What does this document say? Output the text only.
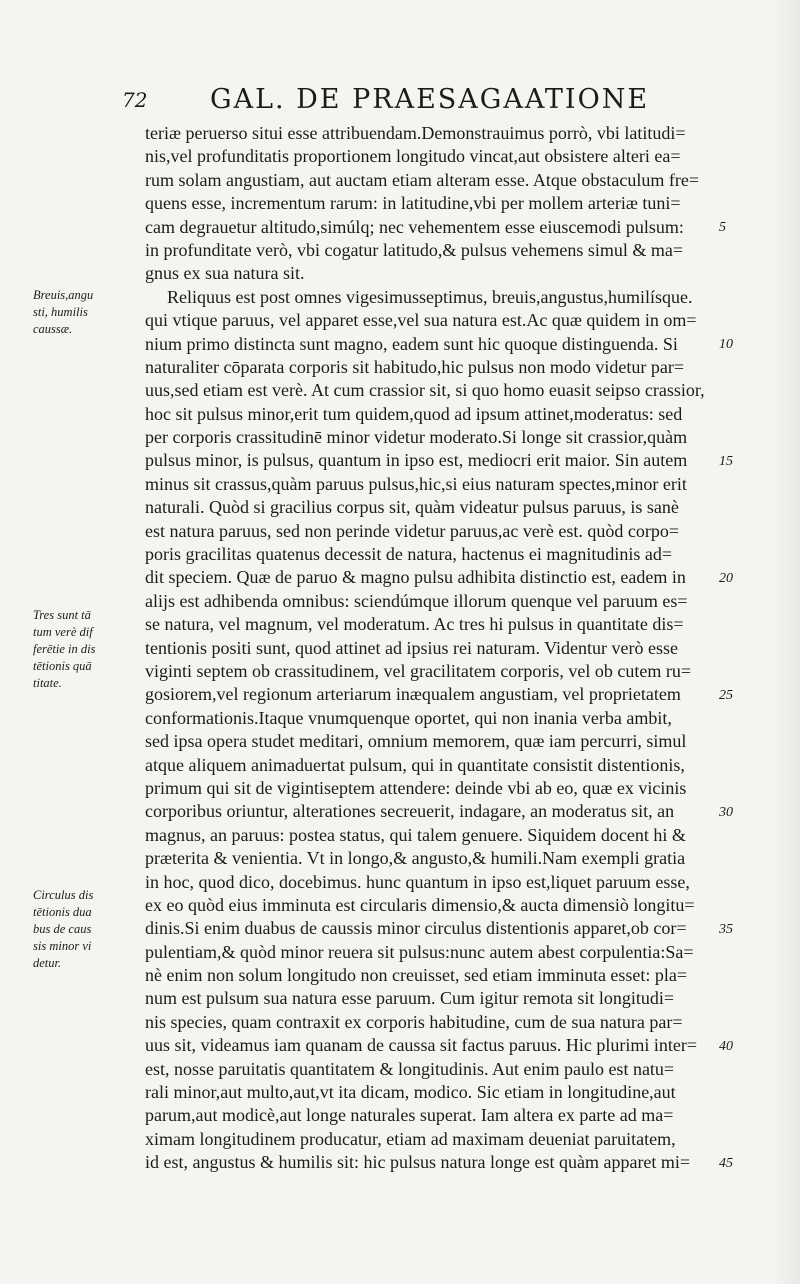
72 GAL. DE PRAESAGAATIONE
teriæ peruerso situi esse attribuendam.Demonstrauimus porrò, vbi latitudi=
nis,vel profunditatis proportionem longitudo vincat,aut obsistere alteri ea=
rum solam angustiam, aut auctam etiam alteram esse. Atque obstaculum fre=
quens esse, incrementum rarum: in latitudine,vbi per mollem arteriæ tuni=
cam degrauetur altitudo,simúlq; nec vehementem esse eiuscemodi pulsum:
in profunditate verò, vbi cogatur latitudo,& pulsus vehemens simul & ma=
gnus ex sua natura sit.
Reliquus est post omnes vigesimusseptimus, breuis,angustus,humilísque.
qui vtique paruus, vel apparet esse,vel sua natura est.Ac quæ quidem in om=
nium primo distincta sunt magno, eadem sunt hic quoque distinguenda. Si
naturaliter cōparata corporis sit habitudo,hic pulsus non modo videtur par=
uus,sed etiam est verè. At cum crassior sit, si quo homo euasit seipso crassior,
hoc sit pulsus minor,erit tum quidem,quod ad ipsum attinet,moderatus: sed
per corporis crassitudinē minor videtur moderato.Si longe sit crassior,quàm
pulsus minor, is pulsus, quantum in ipso est, mediocri erit maior. Sin autem
minus sit crassus,quàm paruus pulsus,hic,si eius naturam spectes,minor erit
naturali. Quòd si gracilius corpus sit, quàm videatur pulsus paruus, is sanè
est natura paruus, sed non perinde videtur paruus,ac verè est. quòd corpo=
poris gracilitas quatenus decessit de natura, hactenus ei magnitudinis ad=
dit speciem. Quæ de paruo & magno pulsu adhibita distinctio est, eadem in
alijs est adhibenda omnibus: sciendúmque illorum quenque vel paruum es=
se natura, vel magnum, vel moderatum. Ac tres hi pulsus in quantitate dis=
tentionis positi sunt, quod attinet ad ipsius rei naturam. Videntur verò esse
viginti septem ob crassitudinem, vel gracilitatem corporis, vel ob cutem ru=
gosiorem,vel regionum arteriarum inæqualem angustiam, vel proprietatem
conformationis.Itaque vnumquenque oportet, qui non inania verba ambit,
sed ipsa opera studet meditari, omnium memorem, quæ iam percurri, simul
atque aliquem animaduertat pulsum, qui in quantitate consistit distentionis,
primum qui sit de vigintiseptem attendere: deinde vbi ab eo, quæ ex vicinis
corporibus oriuntur, alterationes secreuerit, indagare, an moderatus sit, an
magnus, an paruus: postea status, qui talem genuere. Siquidem docent hi &
præterita & venientia. Vt in longo,& angusto,& humili.Nam exempli gratia
in hoc, quod dico, docebimus. hunc quantum in ipso est,liquet paruum esse,
ex eo quòd eius imminuta est circularis dimensio,& aucta dimensiò longitu=
dinis.Si enim duabus de caussis minor circulus distentionis apparet,ob cor=
pulentiam,& quòd minor reuera sit pulsus:nunc autem abest corpulentia:Sa=
nè enim non solum longitudo non creuisset, sed etiam imminuta esset: pla=
num est pulsum sua natura esse paruum. Cum igitur remota sit longitudi=
nis species, quam contraxit ex corporis habitudine, cum de sua natura par=
uus sit, videamus iam quanam de caussa sit factus paruus. Hic plurimi inter=
est, nosse paruitatis quantitatem & longitudinis. Aut enim paulo est natu=
rali minor,aut multo,aut,vt ita dicam, modico. Sic etiam in longitudine,aut
parum,aut modicè,aut longe naturales superat. Iam altera ex parte ad ma=
ximam longitudinem producatur, etiam ad maximam deueniat paruitatem,
id est, angustus & humilis sit: hic pulsus natura longe est quàm apparet mi=
5
10
15
20
25
30
35
40
45
Breuis,angu
sti, humilis
caussæ.
Tres sunt tā
tum verè dif
ferētie in dis
tētionis quā
titate.
Circulus dis
tētionis dua
bus de caus
sis minor vi
detur.
